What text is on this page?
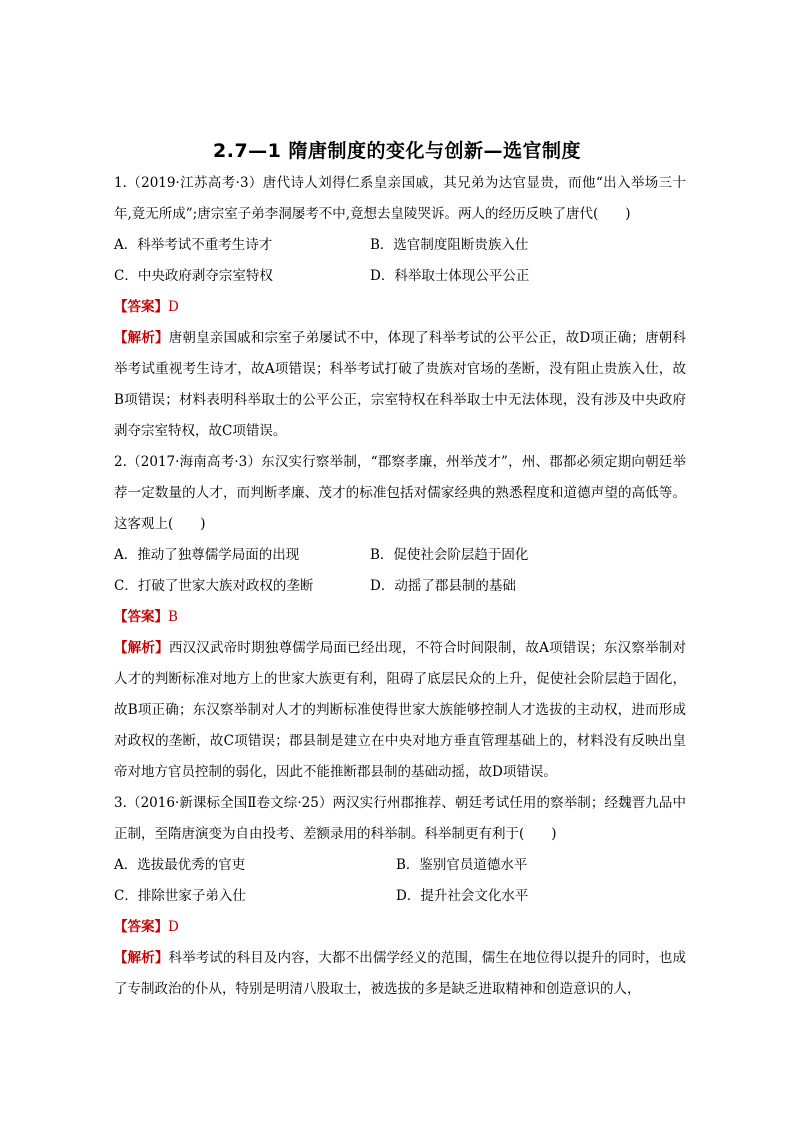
2.7—1 隋唐制度的变化与创新—选官制度

1.（2019·江苏高考·3）唐代诗人刘得仁系皇亲国戚，其兄弟为达官显贵，而他“出入举场三十年,竟无所成”;唐宗室子弟李洞屡考不中,竟想去皇陵哭诉。两人的经历反映了唐代(　　)

A．科举考试不重考生诗才	B．选官制度阻断贵族入仕
C．中央政府剥夺宗室特权	D．科举取士体现公平公正

【答案】D

【解析】唐朝皇亲国戚和宗室子弟屡试不中，体现了科举考试的公平公正，故D项正确；唐朝科举考试重视考生诗才，故A项错误；科举考试打破了贵族对官场的垄断，没有阻止贵族入仕，故B项错误；材料表明科举取士的公平公正，宗室特权在科举取士中无法体现，没有涉及中央政府剥夺宗室特权，故C项错误。

2.（2017·海南高考·3）东汉实行察举制，“郡察孝廉，州举茂才”，州、郡都必须定期向朝廷举荐一定数量的人才，而判断孝廉、茂才的标准包括对儒家经典的熟悉程度和道德声望的高低等。这客观上(　　)

A．推动了独尊儒学局面的出现	B．促使社会阶层趋于固化
C．打破了世家大族对政权的垄断	D．动摇了郡县制的基础

【答案】B

【解析】西汉汉武帝时期独尊儒学局面已经出现，不符合时间限制，故A项错误；东汉察举制对人才的判断标准对地方上的世家大族更有利，阻碍了底层民众的上升，促使社会阶层趋于固化，故B项正确；东汉察举制对人才的判断标准使得世家大族能够控制人才选拔的主动权，进而形成对政权的垄断，故C项错误；郡县制是建立在中央对地方垂直管理基础上的，材料没有反映出皇帝对地方官员控制的弱化，因此不能推断郡县制的基础动摇，故D项错误。

3.（2016·新课标全国Ⅱ卷文综·25）两汉实行州郡推荐、朝廷考试任用的察举制；经魏晋九品中正制，至隋唐演变为自由投考、差额录用的科举制。科举制更有利于(　　)

A．选拔最优秀的官吏	B．鉴别官员道德水平
C．排除世家子弟入仕	D．提升社会文化水平

【答案】D

【解析】科举考试的科目及内容，大都不出儒学经义的范围，儒生在地位得以提升的同时，也成了专制政治的仆从，特别是明清八股取士，被选拔的多是缺乏进取精神和创造意识的人，
